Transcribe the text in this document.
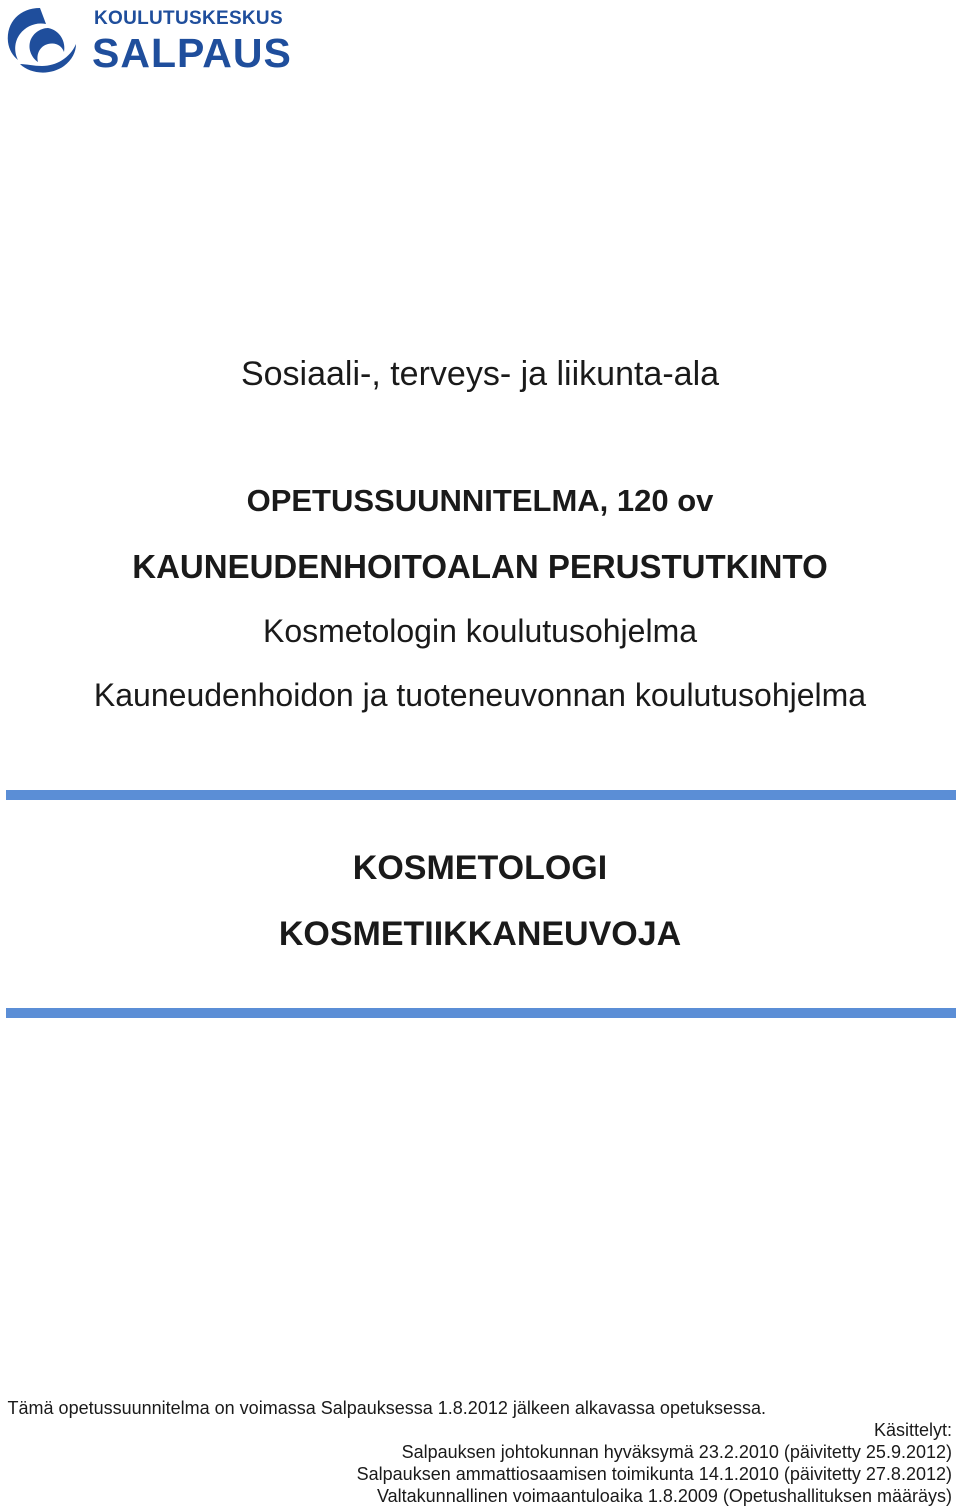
KOULUTUSKESKUS
SALPAUS
Sosiaali-, terveys- ja liikunta-ala
OPETUSSUUNNITELMA, 120 ov
KAUNEUDENHOITOALAN PERUSTUTKINTO
Kosmetologin koulutusohjelma
Kauneudenhoidon ja tuoteneuvonnan koulutusohjelma
KOSMETOLOGI
KOSMETIIKKANEUVOJA
Tämä opetussuunnitelma on voimassa Salpauksessa 1.8.2012 jälkeen alkavassa opetuksessa.
Käsittelyt:
Salpauksen johtokunnan hyväksymä 23.2.2010 (päivitetty 25.9.2012)
Salpauksen ammattiosaamisen toimikunta 14.1.2010 (päivitetty 27.8.2012)
Valtakunnallinen voimaantuloaika 1.8.2009 (Opetushallituksen määräys)
